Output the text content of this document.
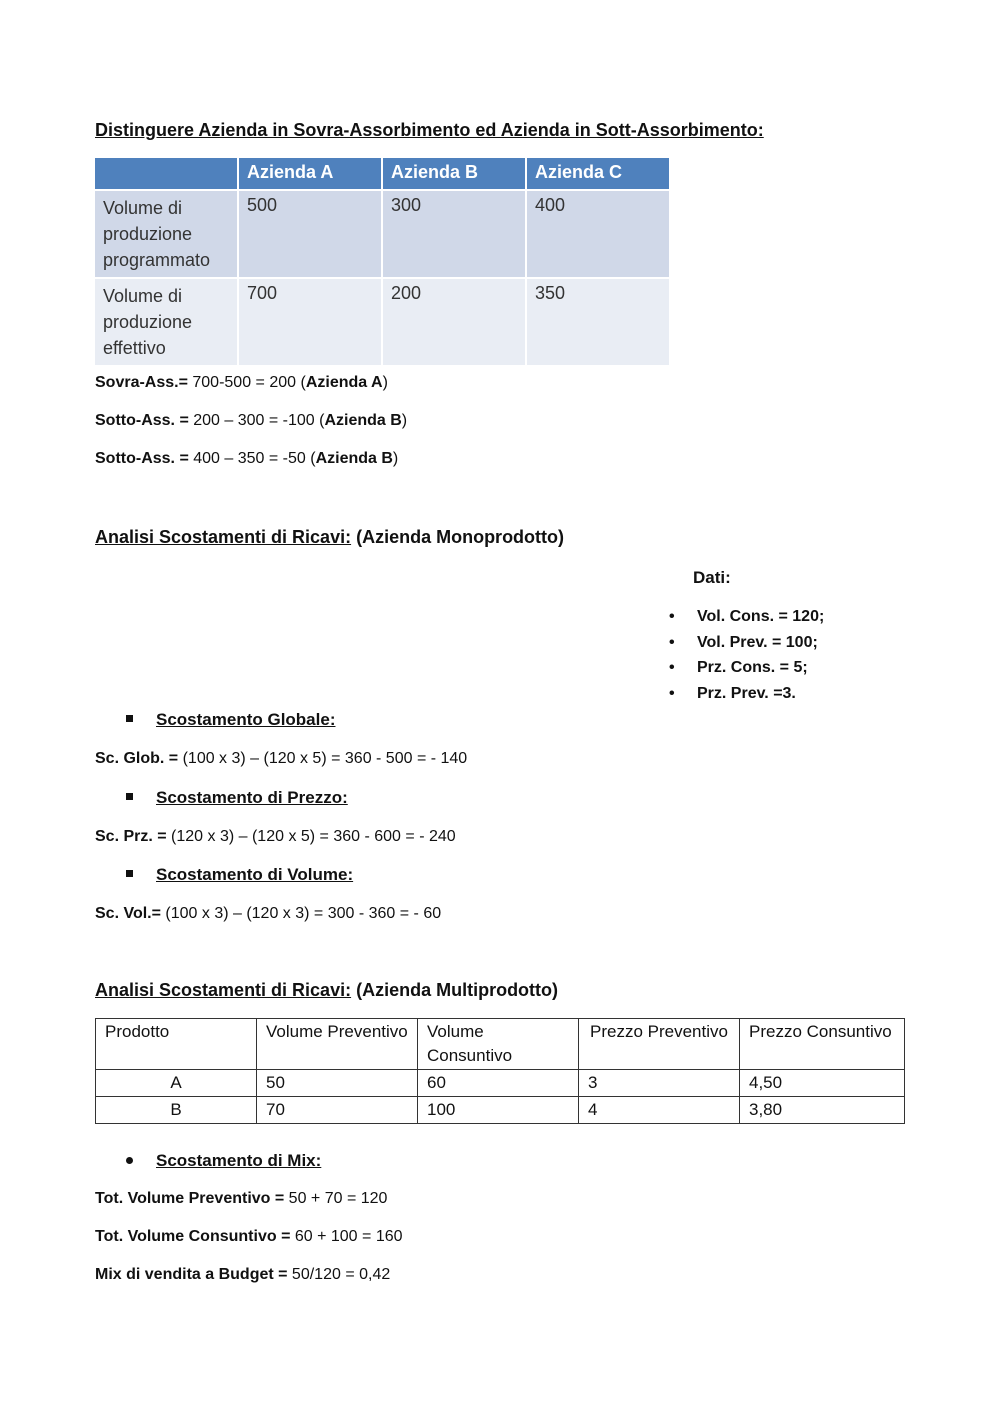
Distinguere Azienda in Sovra-Assorbimento ed Azienda in Sott-Assorbimento:
	Azienda A	Azienda B	Azienda C
Volume di produzione programmato	500	300	400
Volume di produzione effettivo	700	200	350
Sovra-Ass.= 700-500 = 200 (Azienda A)
Sotto-Ass. = 200 – 300 = -100 (Azienda B)
Sotto-Ass. = 400 – 350 = -50 (Azienda B)
Analisi Scostamenti di Ricavi: (Azienda Monoprodotto)
Dati:
• Vol. Cons. = 120;
• Vol. Prev. = 100;
• Prz. Cons. = 5;
• Prz. Prev. =3.
Scostamento Globale:
Sc. Glob. = (100 x 3) – (120 x 5) = 360 - 500 = - 140
Scostamento di Prezzo:
Sc. Prz. = (120 x 3) – (120 x 5) = 360 - 600 = - 240
Scostamento di Volume:
Sc. Vol.= (100 x 3) – (120 x 3) = 300 - 360 = - 60
Analisi Scostamenti di Ricavi: (Azienda Multiprodotto)
Prodotto	Volume Preventivo	Volume Consuntivo	Prezzo Preventivo	Prezzo Consuntivo
A	50	60	3	4,50
B	70	100	4	3,80
Scostamento di Mix:
Tot. Volume Preventivo = 50 + 70 = 120
Tot. Volume Consuntivo = 60 + 100 = 160
Mix di vendita a Budget = 50/120 = 0,42
